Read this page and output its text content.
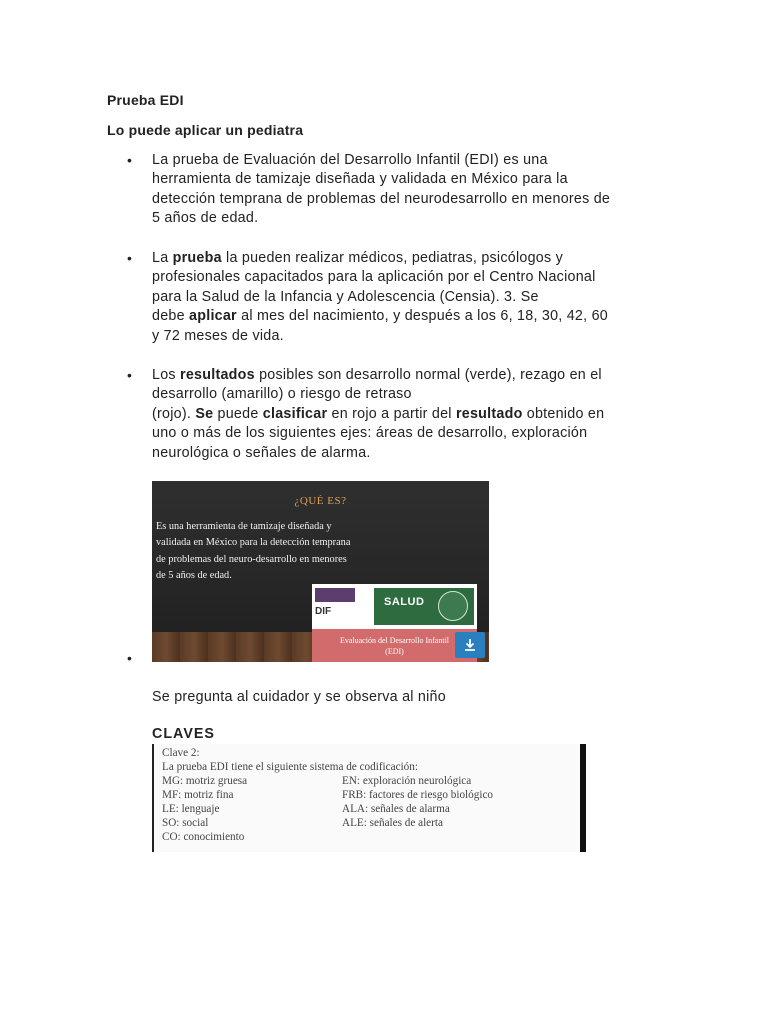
Prueba EDI
Lo puede aplicar un pediatra
• La prueba de Evaluación del Desarrollo Infantil (EDI) es una
herramienta de tamizaje diseñada y validada en México para la
detección temprana de problemas del neurodesarrollo en menores de
5 años de edad.
• La prueba la pueden realizar médicos, pediatras, psicólogos y
profesionales capacitados para la aplicación por el Centro Nacional
para la Salud de la Infancia y Adolescencia (Censia). 3. Se
debe aplicar al mes del nacimiento, y después a los 6, 18, 30, 42, 60
y 72 meses de vida.
• Los resultados posibles son desarrollo normal (verde), rezago en el
desarrollo (amarillo) o riesgo de retraso
(rojo). Se puede clasificar en rojo a partir del resultado obtenido en
uno o más de los siguientes ejes: áreas de desarrollo, exploración
neurológica o señales de alarma.
¿QUÉ ES?
Es una herramienta de tamizaje diseñada y
validada en México para la detección temprana
de problemas del neuro-desarrollo en menores
de 5 años de edad.
DIF
SALUD
Evaluación del Desarrollo Infantil
(EDI)
•
Se pregunta al cuidador y se observa al niño
CLAVES
Clave 2:
La prueba EDI tiene el siguiente sistema de codificación:
MG: motriz gruesa
MF: motriz fina
LE: lenguaje
SO: social
CO: conocimiento
EN: exploración neurológica
FRB: factores de riesgo biológico
ALA: señales de alarma
ALE: señales de alerta
